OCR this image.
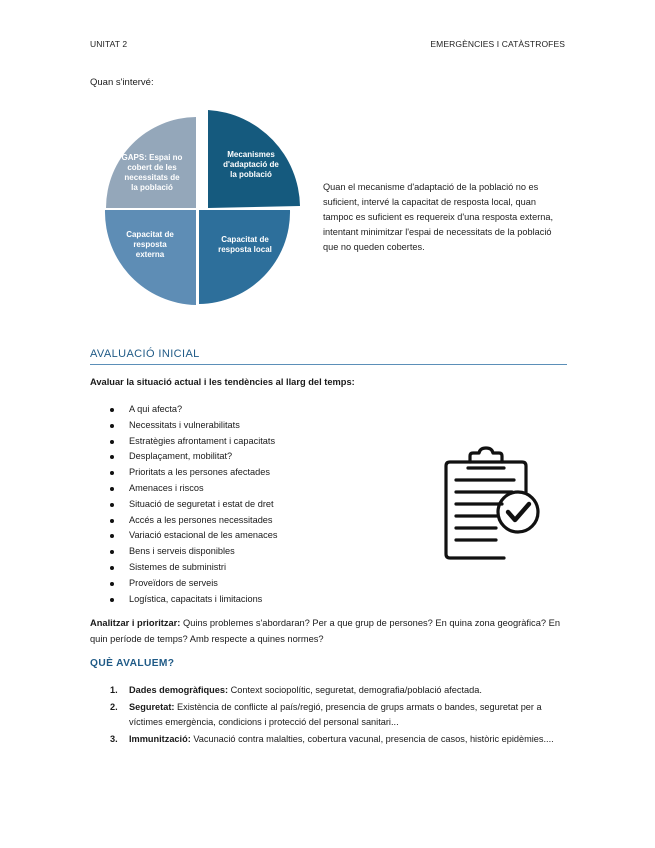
UNITAT 2	EMERGÈNCIES I CATÀSTROFES
Quan s'intervé:
Mecanismes d'adaptació de la població
Capacitat de resposta local
Capacitat de resposta externa
GAPS: Espai no cobert de les necessitats de la població	Quan el mecanisme d'adaptació de la població no es suficient, intervé la capacitat de resposta local, quan tampoc es suficient es requereix d'una resposta externa, intentant minimitzar l'espai de necessitats de la població que no queden cobertes.
AVALUACIÓ INICIAL
Avaluar la situació actual i les tendències al llarg del temps:
A qui afecta?
Necessitats i vulnerabilitats
Estratègies afrontament i capacitats
Desplaçament, mobilitat?
Prioritats a les persones afectades
Amenaces i riscos
Situació de seguretat i estat de dret
Accés a les persones necessitades
Variació estacional de les amenaces
Bens i serveis disponibles
Sistemes de subministri
Proveïdors de serveis
Logística, capacitats i limitacions
Analitzar i prioritzar: Quins problemes s'abordaran? Per a que grup de persones? En quina zona geogràfica? En quin període de temps? Amb respecte a quines normes?
QUÈ AVALUEM?
1. Dades demogràfiques: Context sociopolític, seguretat, demografia/població afectada.
2. Seguretat: Existència de conflicte al país/regió, presencia de grups armats o bandes, seguretat per a víctimes emergència, condicions i protecció del personal sanitari...
3. Immunització: Vacunació contra malalties, cobertura vacunal, presencia de casos, històric epidèmies....
